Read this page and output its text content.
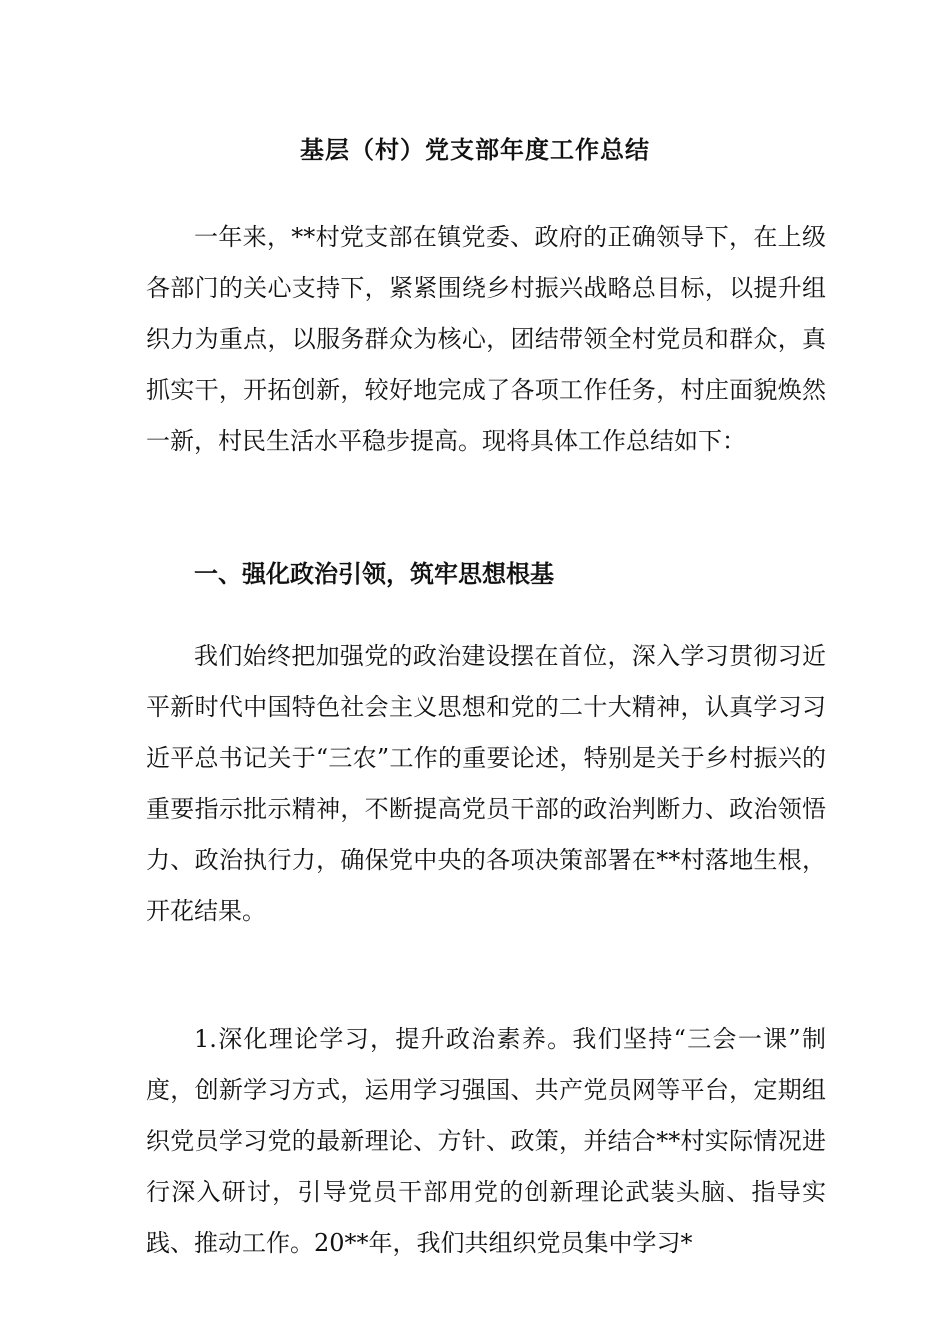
基层（村）党支部年度工作总结

一年来，**村党支部在镇党委、政府的正确领导下，在上级各部门的关心支持下，紧紧围绕乡村振兴战略总目标，以提升组织力为重点，以服务群众为核心，团结带领全村党员和群众，真抓实干，开拓创新，较好地完成了各项工作任务，村庄面貌焕然一新，村民生活水平稳步提高。现将具体工作总结如下：

一、强化政治引领，筑牢思想根基

我们始终把加强党的政治建设摆在首位，深入学习贯彻习近平新时代中国特色社会主义思想和党的二十大精神，认真学习习近平总书记关于“三农”工作的重要论述，特别是关于乡村振兴的重要指示批示精神，不断提高党员干部的政治判断力、政治领悟力、政治执行力，确保党中央的各项决策部署在**村落地生根，开花结果。

1.深化理论学习，提升政治素养。我们坚持“三会一课”制度，创新学习方式，运用学习强国、共产党员网等平台，定期组织党员学习党的最新理论、方针、政策，并结合**村实际情况进行深入研讨，引导党员干部用党的创新理论武装头脑、指导实践、推动工作。20**年，我们共组织党员集中学习*
